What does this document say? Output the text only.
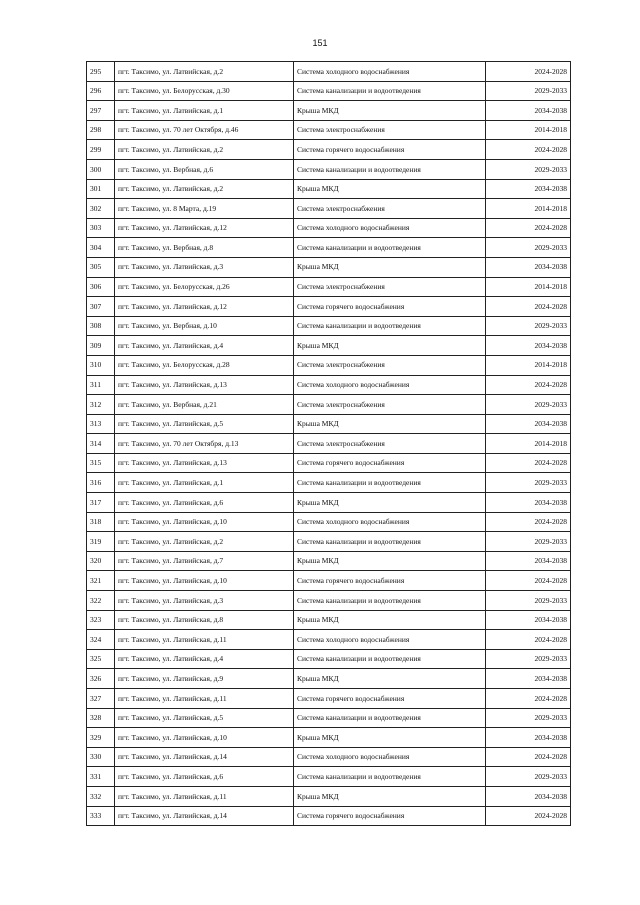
151
295	пгт. Таксимо, ул. Латвийская, д.2	Система холодного водоснабжения	2024-2028
296	пгт. Таксимо, ул. Белорусская, д.30	Система канализации и водоотведения	2029-2033
297	пгт. Таксимо, ул. Латвийская, д.1	Крыша МКД	2034-2038
298	пгт. Таксимо, ул. 70 лет Октября, д.46	Система электроснабжения	2014-2018
299	пгт. Таксимо, ул. Латвийская, д.2	Система горячего водоснабжения	2024-2028
300	пгт. Таксимо, ул. Вербная, д.6	Система канализации и водоотведения	2029-2033
301	пгт. Таксимо, ул. Латвийская, д.2	Крыша МКД	2034-2038
302	пгт. Таксимо, ул. 8 Марта, д.19	Система электроснабжения	2014-2018
303	пгт. Таксимо, ул. Латвийская, д.12	Система холодного водоснабжения	2024-2028
304	пгт. Таксимо, ул. Вербная, д.8	Система канализации и водоотведения	2029-2033
305	пгт. Таксимо, ул. Латвийская, д.3	Крыша МКД	2034-2038
306	пгт. Таксимо, ул. Белорусская, д.26	Система электроснабжения	2014-2018
307	пгт. Таксимо, ул. Латвийская, д.12	Система горячего водоснабжения	2024-2028
308	пгт. Таксимо, ул. Вербная, д.10	Система канализации и водоотведения	2029-2033
309	пгт. Таксимо, ул. Латвийская, д.4	Крыша МКД	2034-2038
310	пгт. Таксимо, ул. Белорусская, д.28	Система электроснабжения	2014-2018
311	пгт. Таксимо, ул. Латвийская, д.13	Система холодного водоснабжения	2024-2028
312	пгт. Таксимо, ул. Вербная, д.21	Система электроснабжения	2029-2033
313	пгт. Таксимо, ул. Латвийская, д.5	Крыша МКД	2034-2038
314	пгт. Таксимо, ул. 70 лет Октября, д.13	Система электроснабжения	2014-2018
315	пгт. Таксимо, ул. Латвийская, д.13	Система горячего водоснабжения	2024-2028
316	пгт. Таксимо, ул. Латвийская, д.1	Система канализации и водоотведения	2029-2033
317	пгт. Таксимо, ул. Латвийская, д.6	Крыша МКД	2034-2038
318	пгт. Таксимо, ул. Латвийская, д.10	Система холодного водоснабжения	2024-2028
319	пгт. Таксимо, ул. Латвийская, д.2	Система канализации и водоотведения	2029-2033
320	пгт. Таксимо, ул. Латвийская, д.7	Крыша МКД	2034-2038
321	пгт. Таксимо, ул. Латвийская, д.10	Система горячего водоснабжения	2024-2028
322	пгт. Таксимо, ул. Латвийская, д.3	Система канализации и водоотведения	2029-2033
323	пгт. Таксимо, ул. Латвийская, д.8	Крыша МКД	2034-2038
324	пгт. Таксимо, ул. Латвийская, д.11	Система холодного водоснабжения	2024-2028
325	пгт. Таксимо, ул. Латвийская, д.4	Система канализации и водоотведения	2029-2033
326	пгт. Таксимо, ул. Латвийская, д.9	Крыша МКД	2034-2038
327	пгт. Таксимо, ул. Латвийская, д.11	Система горячего водоснабжения	2024-2028
328	пгт. Таксимо, ул. Латвийская, д.5	Система канализации и водоотведения	2029-2033
329	пгт. Таксимо, ул. Латвийская, д.10	Крыша МКД	2034-2038
330	пгт. Таксимо, ул. Латвийская, д.14	Система холодного водоснабжения	2024-2028
331	пгт. Таксимо, ул. Латвийская, д.6	Система канализации и водоотведения	2029-2033
332	пгт. Таксимо, ул. Латвийская, д.11	Крыша МКД	2034-2038
333	пгт. Таксимо, ул. Латвийская, д.14	Система горячего водоснабжения	2024-2028
